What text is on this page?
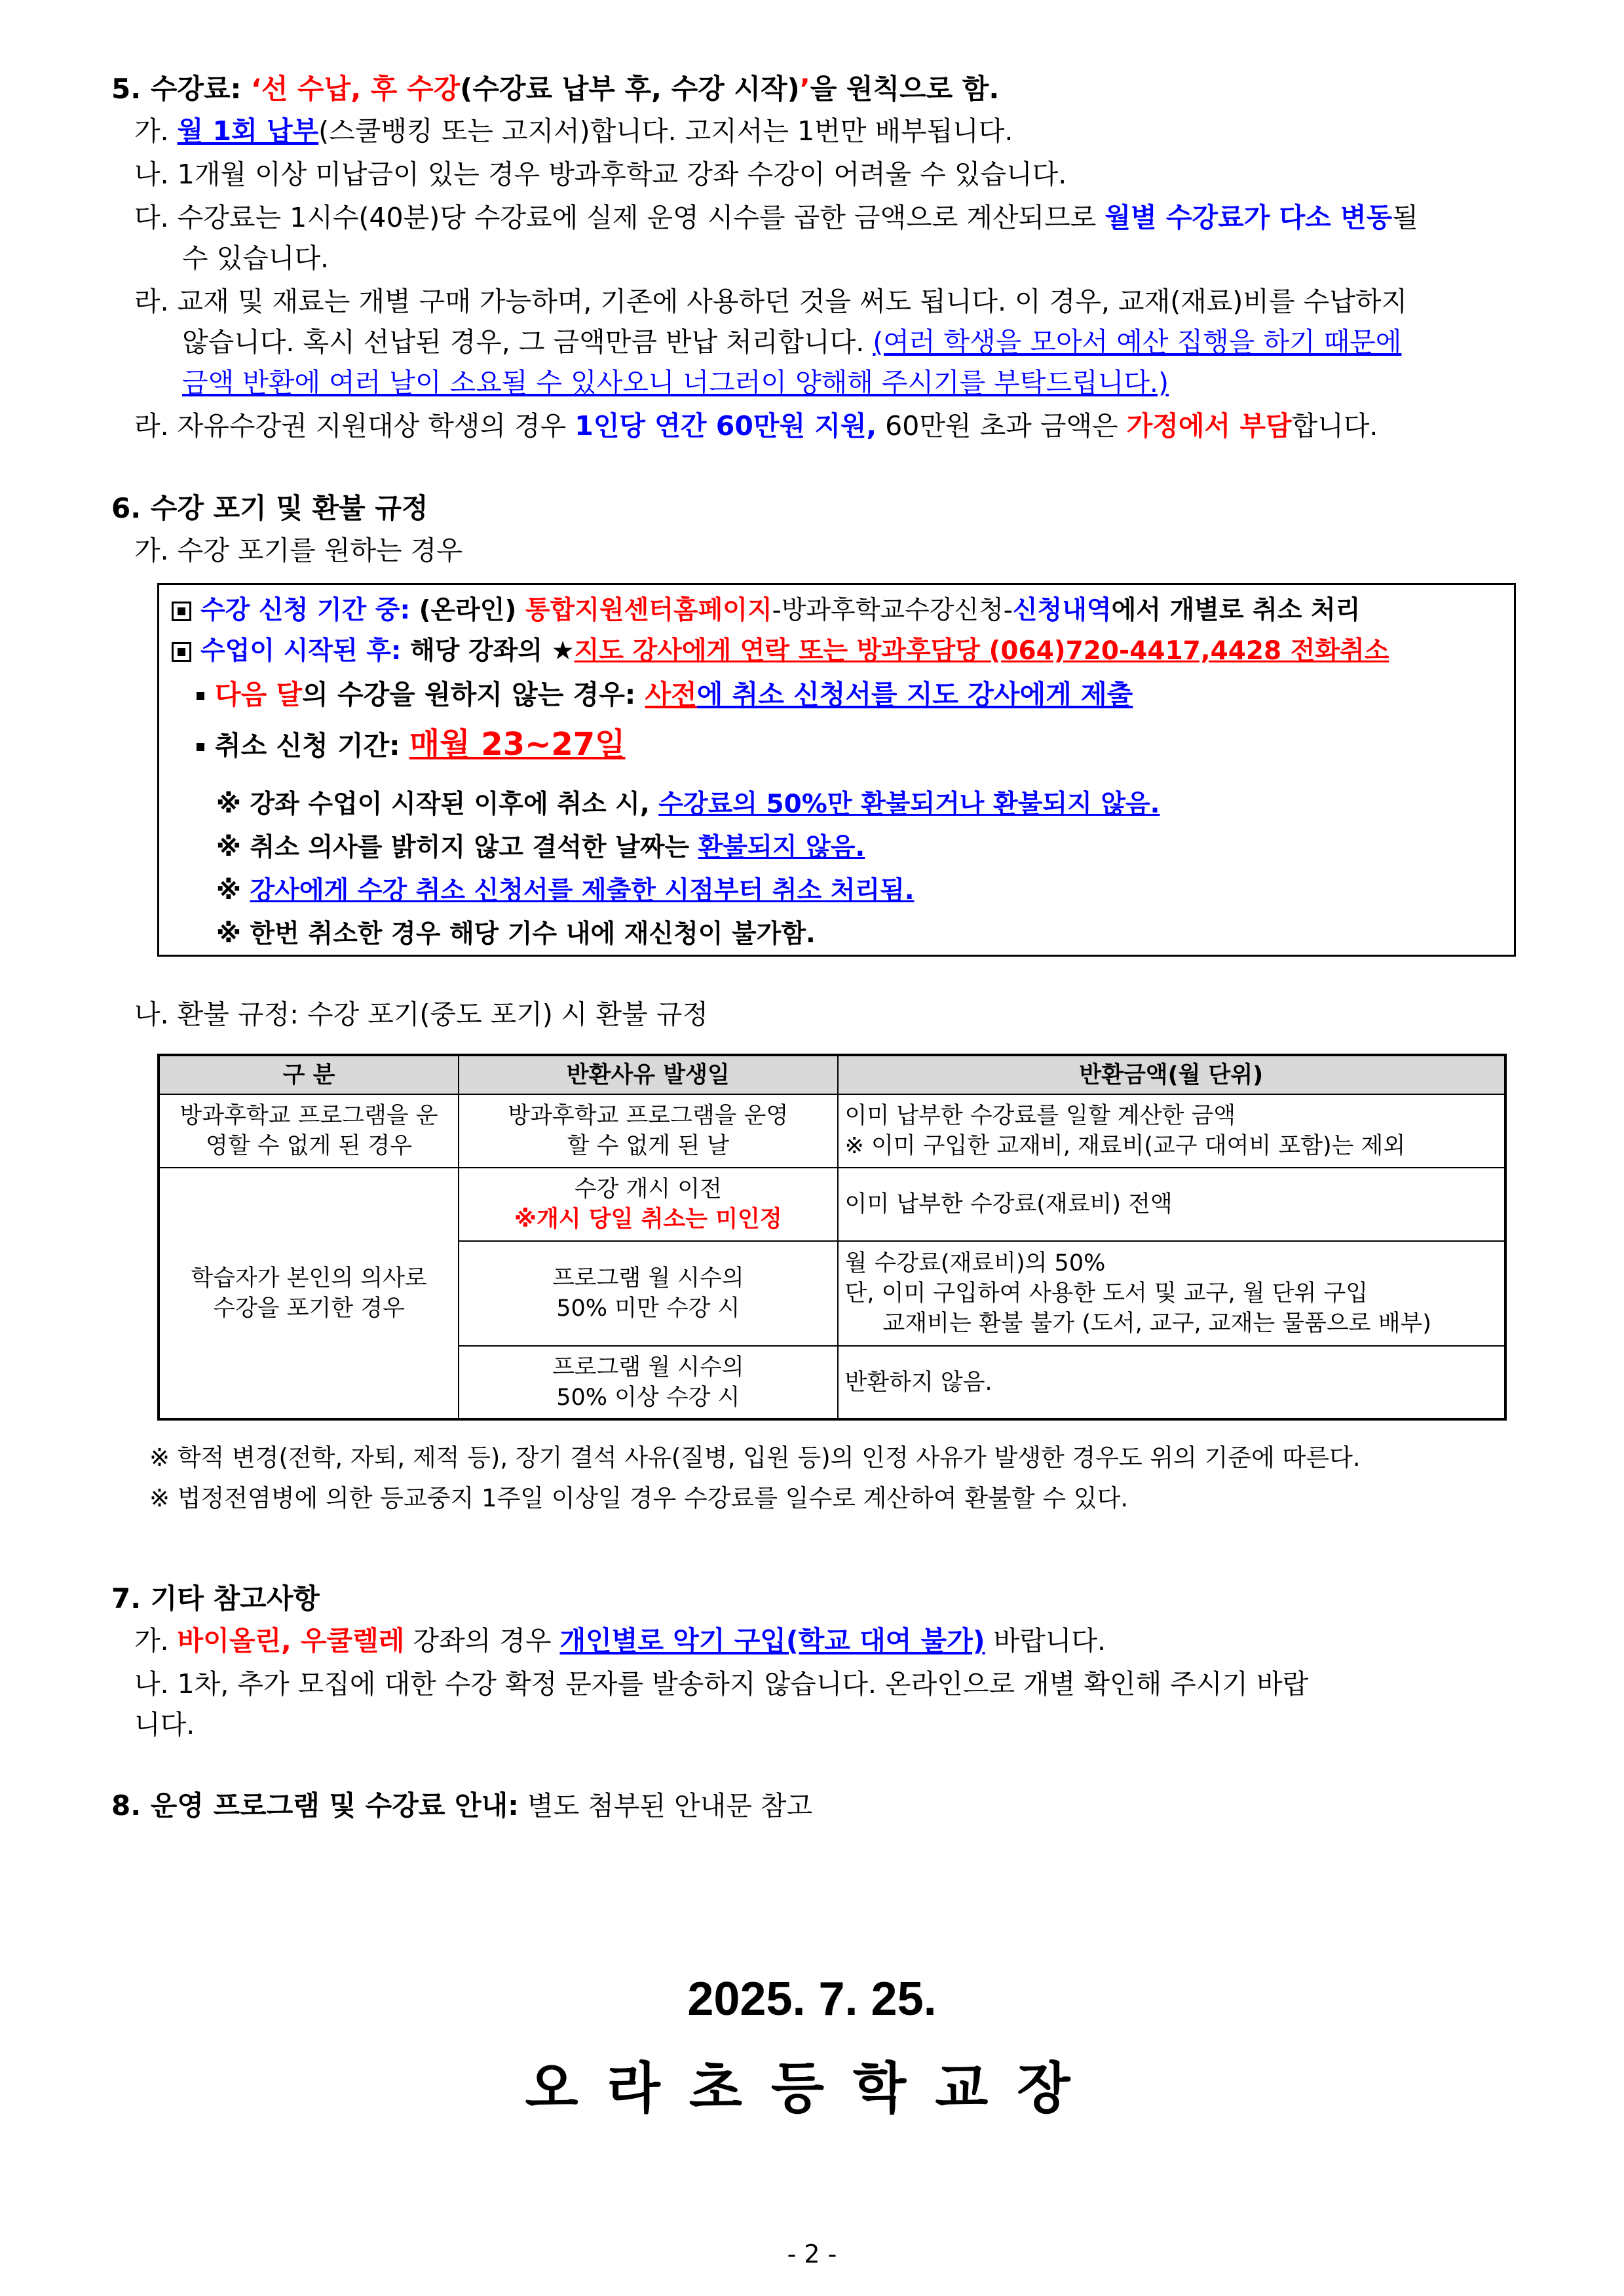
5. 수강료: ‘선 수납, 후 수강(수강료 납부 후, 수강 시작)’을 원칙으로 함.
가. 월 1회 납부(스쿨뱅킹 또는 고지서)합니다. 고지서는 1번만 배부됩니다.
나. 1개월 이상 미납금이 있는 경우 방과후학교 강좌 수강이 어려울 수 있습니다.
다. 수강료는 1시수(40분)당 수강료에 실제 운영 시수를 곱한 금액으로 계산되므로 월별 수강료가 다소 변동될
수 있습니다.
라. 교재 및 재료는 개별 구매 가능하며, 기존에 사용하던 것을 써도 됩니다. 이 경우, 교재(재료)비를 수납하지
않습니다. 혹시 선납된 경우, 그 금액만큼 반납 처리합니다. (여러 학생을 모아서 예산 집행을 하기 때문에
금액 반환에 여러 날이 소요될 수 있사오니 너그러이 양해해 주시기를 부탁드립니다.)
라. 자유수강권 지원대상 학생의 경우 1인당 연간 60만원 지원, 60만원 초과 금액은 가정에서 부담합니다.
6. 수강 포기 및 환불 규정
가. 수강 포기를 원하는 경우
수강 신청 기간 중: (온라인) 통합지원센터홈페이지-방과후학교수강신청-신청내역에서 개별로 취소 처리
수업이 시작된 후: 해당 강좌의 ★지도 강사에게 연락 또는 방과후담당 (064)720-4417,4428 전화취소
다음 달의 수강을 원하지 않는 경우: 사전에 취소 신청서를 지도 강사에게 제출
취소 신청 기간: 매월 23~27일
※ 강좌 수업이 시작된 이후에 취소 시, 수강료의 50%만 환불되거나 환불되지 않음.
※ 취소 의사를 밝히지 않고 결석한 날짜는 환불되지 않음.
※ 강사에게 수강 취소 신청서를 제출한 시점부터 취소 처리됨.
※ 한번 취소한 경우 해당 기수 내에 재신청이 불가함.
나. 환불 규정: 수강 포기(중도 포기) 시 환불 규정
구 분	반환사유 발생일	반환금액(월 단위)

방과후학교 프로그램을 운영할 수 없게 된 경우	방과후학교 프로그램을 운영할 수 없게 된 날	이미 납부한 수강료를 일할 계산한 금액
※ 이미 구입한 교재비, 재료비(교구 대여비 포함)는 제외

학습자가 본인의 의사로 수강을 포기한 경우	수강 개시 이전
※개시 당일 취소는 미인정	이미 납부한 수강료(재료비) 전액

	프로그램 월 시수의 50% 미만 수강 시	월 수강료(재료비)의 50%
단, 이미 구입하여 사용한 도서 및 교구, 월 단위 구입
교재비는 환불 불가 (도서, 교구, 교재는 물품으로 배부)

	프로그램 월 시수의 50% 이상 수강 시	반환하지 않음.
※ 학적 변경(전학, 자퇴, 제적 등), 장기 결석 사유(질병, 입원 등)의 인정 사유가 발생한 경우도 위의 기준에 따른다.
※ 법정전염병에 의한 등교중지 1주일 이상일 경우 수강료를 일수로 계산하여 환불할 수 있다.
7. 기타 참고사항
가. 바이올린, 우쿨렐레 강좌의 경우 개인별로 악기 구입(학교 대여 불가) 바랍니다.
나. 1차, 추가 모집에 대한 수강 확정 문자를 발송하지 않습니다. 온라인으로 개별 확인해 주시기 바랍
니다.
8. 운영 프로그램 및 수강료 안내: 별도 첨부된 안내문 참고
2025. 7. 25.
오라초등학교장
- 2 -
